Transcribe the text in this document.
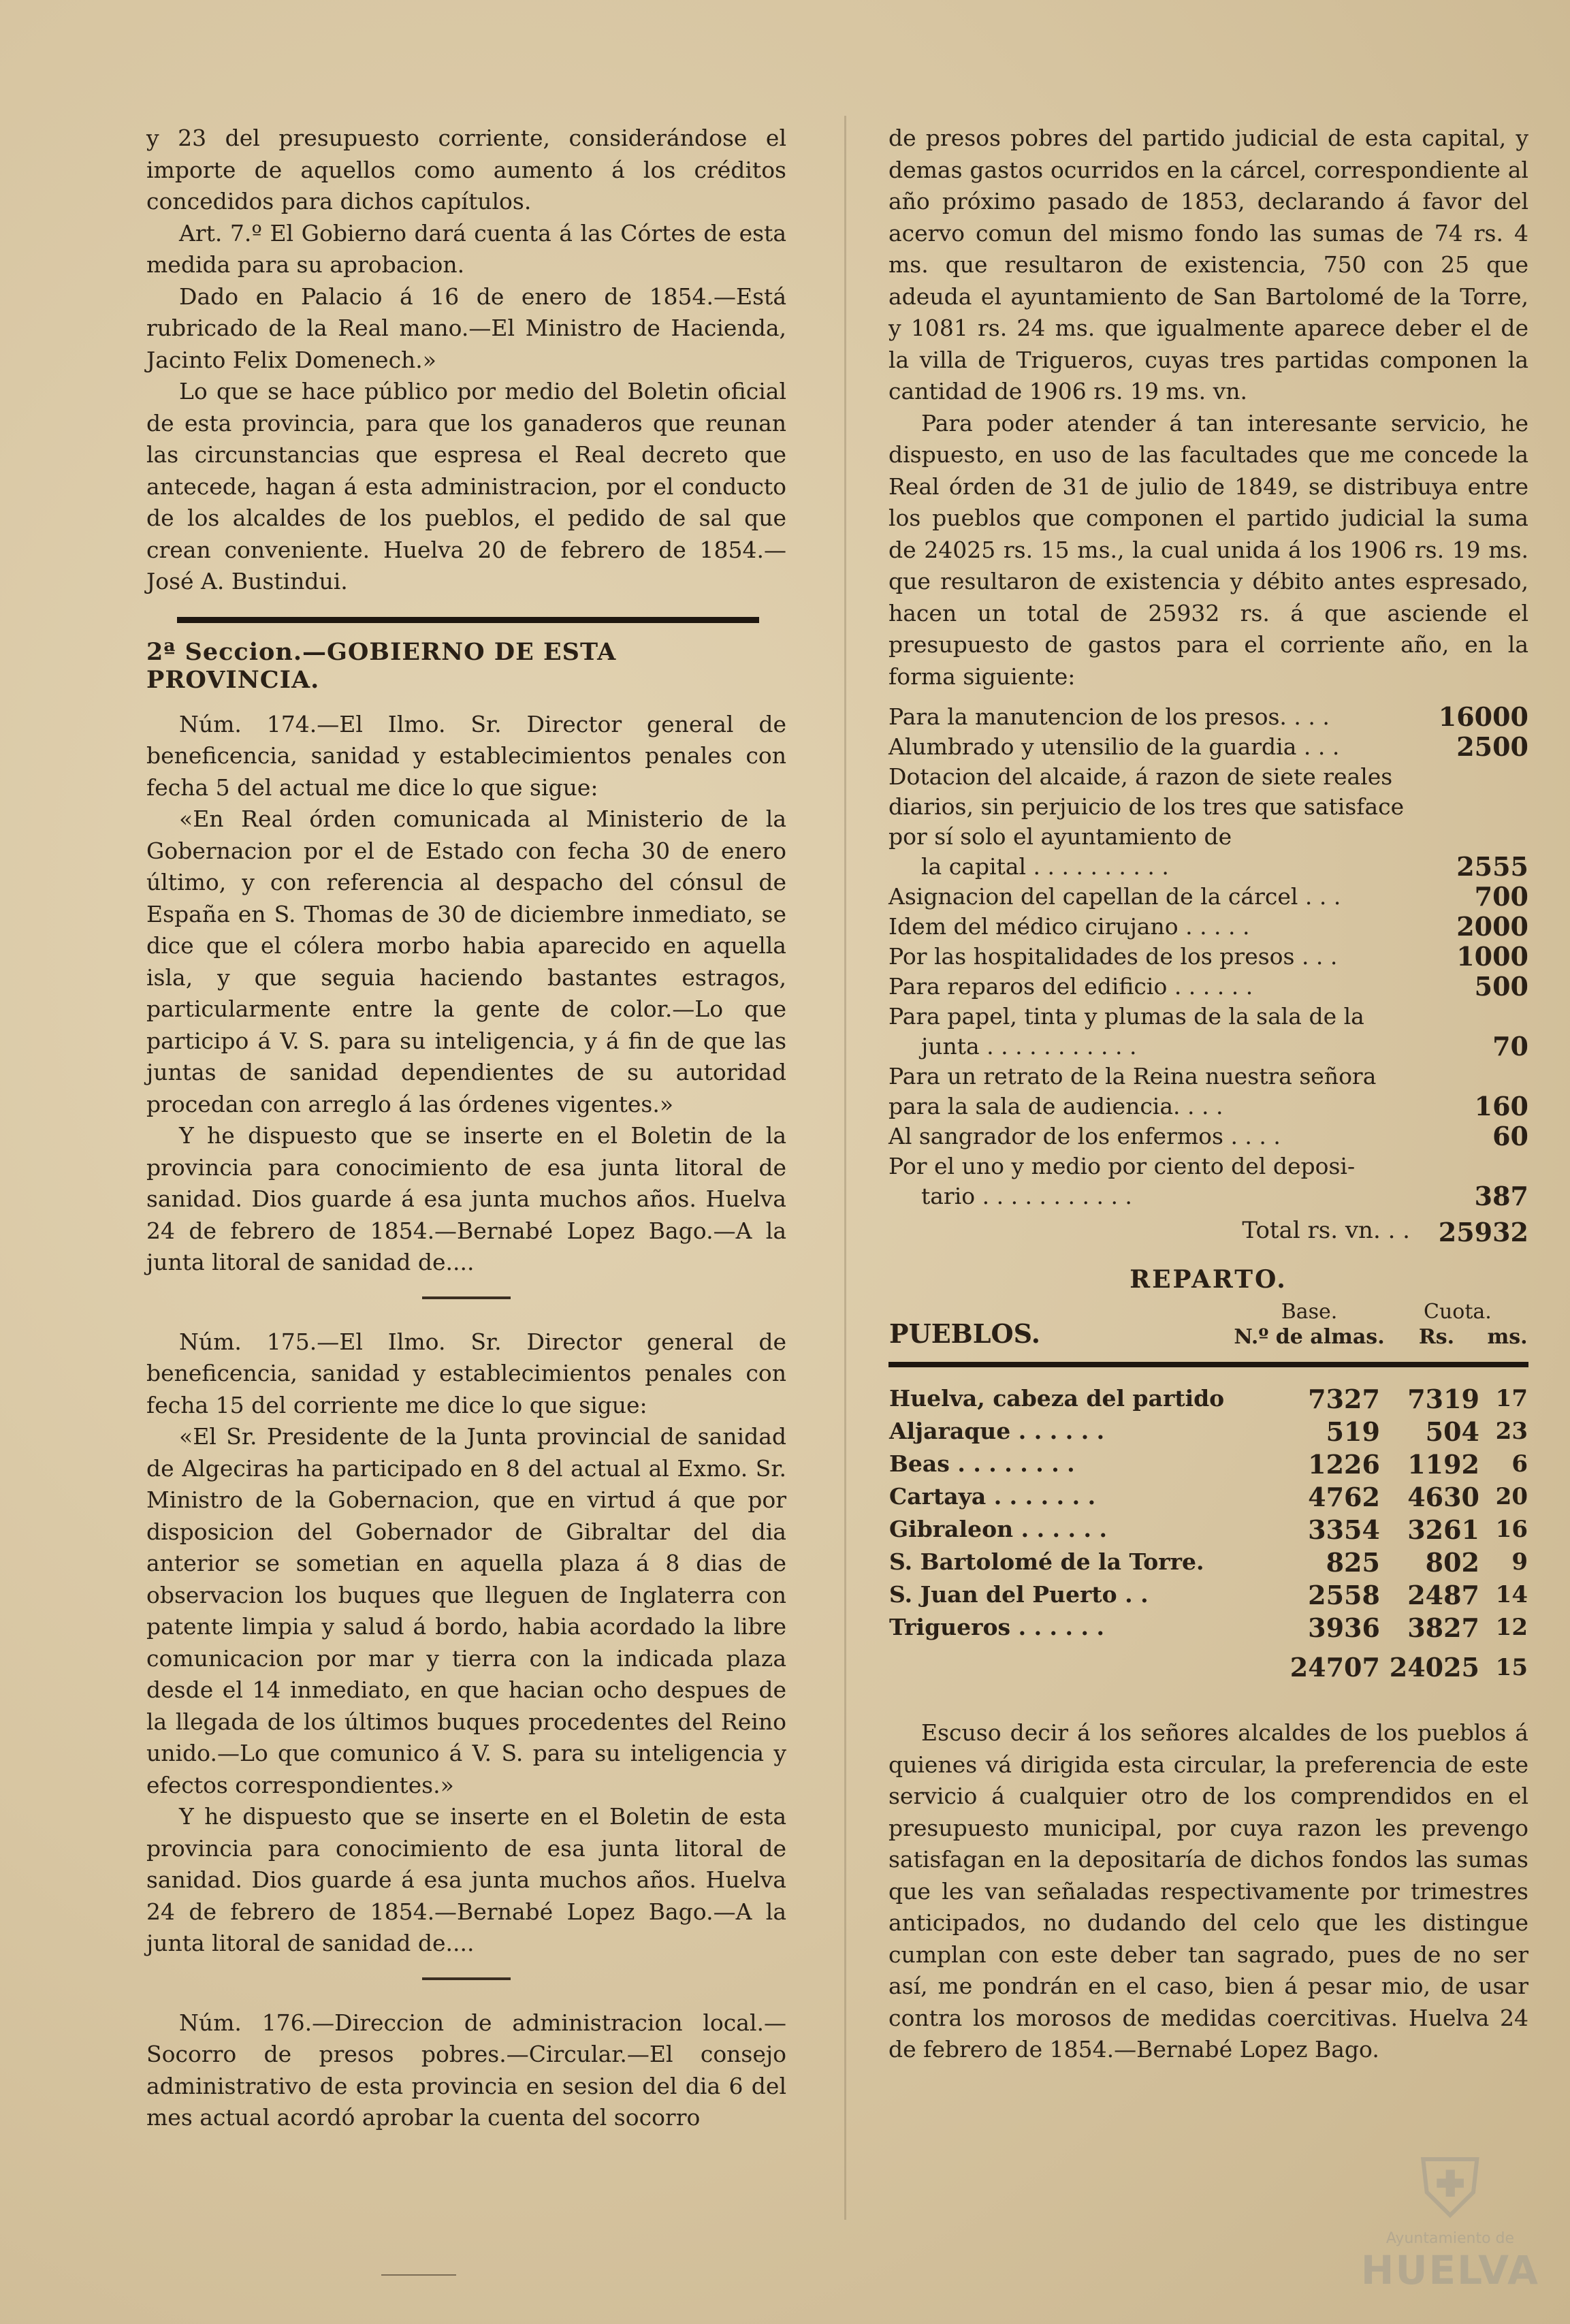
y 23 del presupuesto corriente, considerándose el importe de aquellos como aumento á los créditos concedidos para dichos capítulos.

Art. 7.º El Gobierno dará cuenta á las Córtes de esta medida para su aprobacion.

Dado en Palacio á 16 de enero de 1854.—Está rubricado de la Real mano.—El Ministro de Hacienda, Jacinto Felix Domenech.»

Lo que se hace público por medio del Boletin oficial de esta provincia, para que los ganaderos que reunan las circunstancias que espresa el Real decreto que antecede, hagan á esta administracion, por el conducto de los alcaldes de los pueblos, el pedido de sal que crean conveniente. Huelva 20 de febrero de 1854.—José A. Bustindui.

2ª Seccion.—GOBIERNO DE ESTA PROVINCIA.

Núm. 174.—El Ilmo. Sr. Director general de beneficencia, sanidad y establecimientos penales con fecha 5 del actual me dice lo que sigue:

«En Real órden comunicada al Ministerio de la Gobernacion por el de Estado con fecha 30 de enero último, y con referencia al despacho del cónsul de España en S. Thomas de 30 de diciembre inmediato, se dice que el cólera morbo habia aparecido en aquella isla, y que seguia haciendo bastantes estragos, particularmente entre la gente de color.—Lo que participo á V. S. para su inteligencia, y á fin de que las juntas de sanidad dependientes de su autoridad procedan con arreglo á las órdenes vigentes.»

Y he dispuesto que se inserte en el Boletin de la provincia para conocimiento de esa junta litoral de sanidad. Dios guarde á esa junta muchos años. Huelva 24 de febrero de 1854.—Bernabé Lopez Bago.—A la junta litoral de sanidad de....

Núm. 175.—El Ilmo. Sr. Director general de beneficencia, sanidad y establecimientos penales con fecha 15 del corriente me dice lo que sigue:

«El Sr. Presidente de la Junta provincial de sanidad de Algeciras ha participado en 8 del actual al Exmo. Sr. Ministro de la Gobernacion, que en virtud á que por disposicion del Gobernador de Gibraltar del dia anterior se sometian en aquella plaza á 8 dias de observacion los buques que lleguen de Inglaterra con patente limpia y salud á bordo, habia acordado la libre comunicacion por mar y tierra con la indicada plaza desde el 14 inmediato, en que hacian ocho despues de la llegada de los últimos buques procedentes del Reino unido.—Lo que comunico á V. S. para su inteligencia y efectos correspondientes.»

Y he dispuesto que se inserte en el Boletin de esta provincia para conocimiento de esa junta litoral de sanidad. Dios guarde á esa junta muchos años. Huelva 24 de febrero de 1854.—Bernabé Lopez Bago.—A la junta litoral de sanidad de....

Núm. 176.—Direccion de administracion local.—Socorro de presos pobres.—Circular.—El consejo administrativo de esta provincia en sesion del dia 6 del mes actual acordó aprobar la cuenta del socorro

de presos pobres del partido judicial de esta capital, y demas gastos ocurridos en la cárcel, correspondiente al año próximo pasado de 1853, declarando á favor del acervo comun del mismo fondo las sumas de 74 rs. 4 ms. que resultaron de existencia, 750 con 25 que adeuda el ayuntamiento de San Bartolomé de la Torre, y 1081 rs. 24 ms. que igualmente aparece deber el de la villa de Trigueros, cuyas tres partidas componen la cantidad de 1906 rs. 19 ms. vn.

Para poder atender á tan interesante servicio, he dispuesto, en uso de las facultades que me concede la Real órden de 31 de julio de 1849, se distribuya entre los pueblos que componen el partido judicial la suma de 24025 rs. 15 ms., la cual unida á los 1906 rs. 19 ms. que resultaron de existencia y débito antes espresado, hacen un total de 25932 rs. á que asciende el presupuesto de gastos para el corriente año, en la forma siguiente:

Para la manutencion de los presos. . . .	16000
Alumbrado y utensilio de la guardia . . .	2500
Dotacion del alcaide, á razon de siete reales diarios, sin perjuicio de los tres que satisface por sí solo el ayuntamiento de
la capital . . . . . . . . . .	2555
Asignacion del capellan de la cárcel . . .	700
Idem del médico cirujano . . . . .	2000
Por las hospitalidades de los presos . . .	1000
Para reparos del edificio . . . . . .	500
Para papel, tinta y plumas de la sala de la
junta . . . . . . . . . . .	70
Para un retrato de la Reina nuestra señora para la sala de audiencia. . . .	160
Al sangrador de los enfermos . . . .	60
Por el uno y medio por ciento del deposi-
tario . . . . . . . . . . .	387
Total rs. vn. . .	25932
REPARTO.
PUEBLOS.	Base.	Cuota.	
	N.º de almas.	Rs.	ms.

Huelva, cabeza del partido	7327	7319	17
Aljaraque . . . . . .	519	504	23
Beas . . . . . . . .	1226	1192	6
Cartaya . . . . . . .	4762	4630	20
Gibraleon . . . . . .	3354	3261	16
S. Bartolomé de la Torre.	825	802	9
S. Juan del Puerto . .	2558	2487	14
Trigueros . . . . . .	3936	3827	12

	24707	24025	15

Escuso decir á los señores alcaldes de los pueblos á quienes vá dirigida esta circular, la preferencia de este servicio á cualquier otro de los comprendidos en el presupuesto municipal, por cuya razon les prevengo satisfagan en la depositaría de dichos fondos las sumas que les van señaladas respectivamente por trimestres anticipados, no dudando del celo que les distingue cumplan con este deber tan sagrado, pues de no ser así, me pondrán en el caso, bien á pesar mio, de usar contra los morosos de medidas coercitivas. Huelva 24 de febrero de 1854.—Bernabé Lopez Bago.

⛨
Ayuntamiento de
HUELVA
